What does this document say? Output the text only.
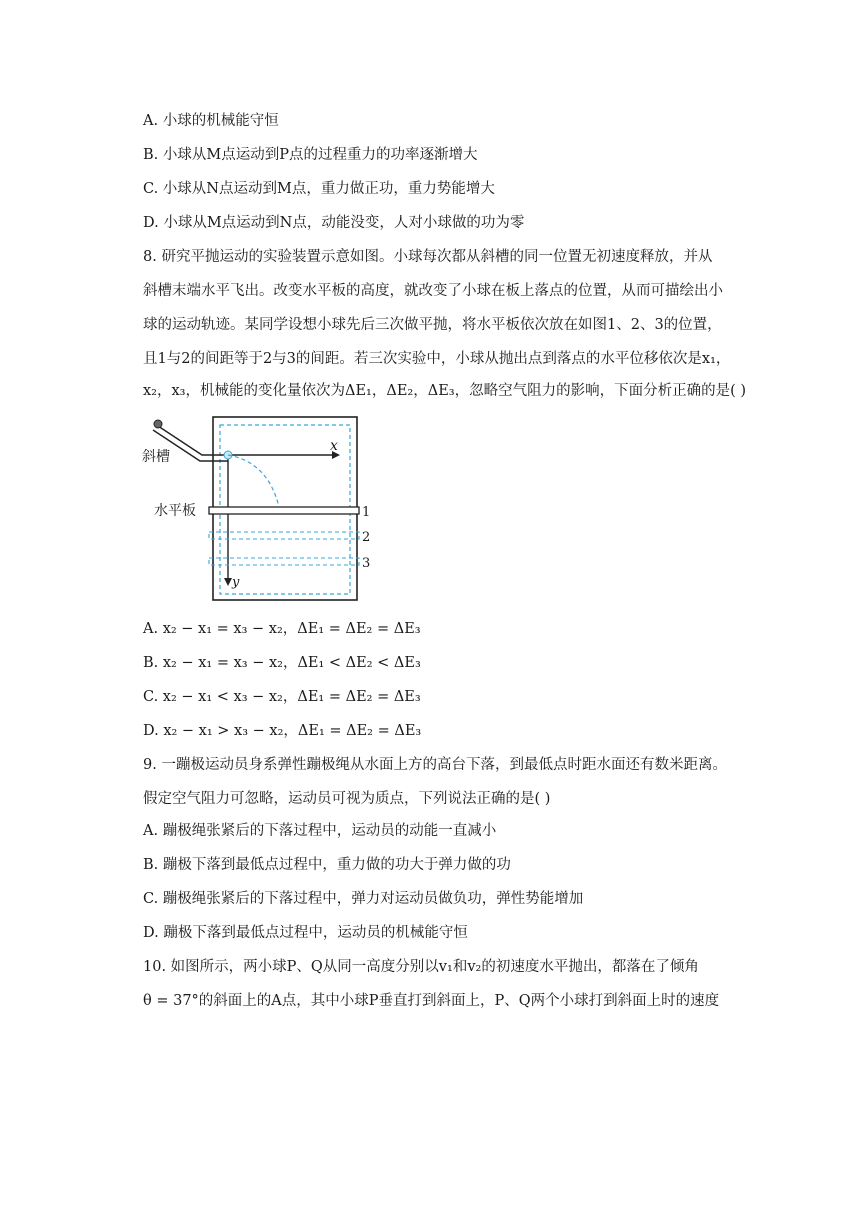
A. 小球的机械能守恒
B. 小球从M点运动到P点的过程重力的功率逐渐增大
C. 小球从N点运动到M点，重力做正功，重力势能增大
D. 小球从M点运动到N点，动能没变，人对小球做的功为零
8. 研究平抛运动的实验装置示意如图。小球每次都从斜槽的同一位置无初速度释放，并从
斜槽末端水平飞出。改变水平板的高度，就改变了小球在板上落点的位置，从而可描绘出小
球的运动轨迹。某同学设想小球先后三次做平抛，将水平板依次放在如图1、2、3的位置，
且1与2的间距等于2与3的间距。若三次实验中，小球从抛出点到落点的水平位移依次是x₁，
x₂，x₃，机械能的变化量依次为ΔE₁，ΔE₂，ΔE₃，忽略空气阻力的影响，下面分析正确的是( )
斜槽
水平板
x
y
1
2
3
A. x₂ − x₁ = x₃ − x₂，ΔE₁ = ΔE₂ = ΔE₃
B. x₂ − x₁ = x₃ − x₂，ΔE₁ < ΔE₂ < ΔE₃
C. x₂ − x₁ < x₃ − x₂，ΔE₁ = ΔE₂ = ΔE₃
D. x₂ − x₁ > x₃ − x₂，ΔE₁ = ΔE₂ = ΔE₃
9. 一蹦极运动员身系弹性蹦极绳从水面上方的高台下落，到最低点时距水面还有数米距离。
假定空气阻力可忽略，运动员可视为质点，下列说法正确的是( )
A. 蹦极绳张紧后的下落过程中，运动员的动能一直减小
B. 蹦极下落到最低点过程中，重力做的功大于弹力做的功
C. 蹦极绳张紧后的下落过程中，弹力对运动员做负功，弹性势能增加
D. 蹦极下落到最低点过程中，运动员的机械能守恒
10. 如图所示，两小球P、Q从同一高度分别以v₁和v₂的初速度水平抛出，都落在了倾角
θ = 37°的斜面上的A点，其中小球P垂直打到斜面上，P、Q两个小球打到斜面上时的速度
